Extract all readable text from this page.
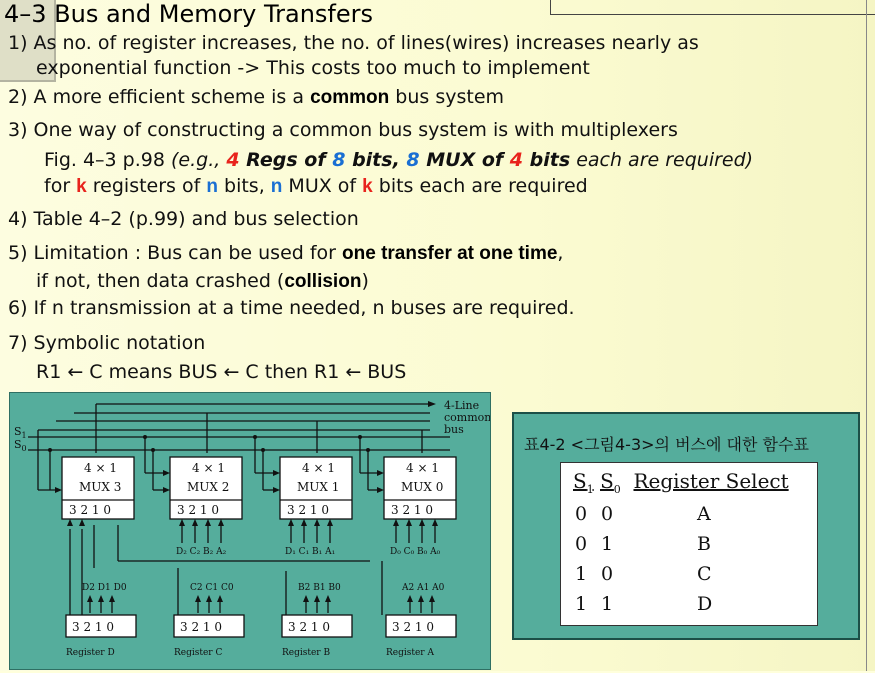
4–3 Bus and Memory Transfers
1) As no. of register increases, the no. of lines(wires) increases nearly as
exponential function -> This costs too much to implement
2) A more efficient scheme is a common bus system
3) One way of constructing a common bus system is with multiplexers
Fig. 4–3 p.98 (e.g., 4 Regs of 8 bits, 8 MUX of 4 bits each are required)
for k registers of n bits, n MUX of k bits each are required
4) Table 4–2 (p.99) and bus selection
5) Limitation : Bus can be used for one transfer at one time,
if not, then data crashed (collision)
6) If n transmission at a time needed, n buses are required.
7) Symbolic notation
R1 ← C means BUS ← C then R1 ← BUS
4-Line
common
bus
$S_1$
$S_0$
4 × 1
MUX 3
3 2 1 0
4 × 1
MUX 2
3 2 1 0
4 × 1
MUX 1
3 2 1 0
4 × 1
MUX 0
3 2 1 0
D₂ C₂ B₂ A₂	D₁ C₁ B₁ A₁	D₀ C₀ B₀ A₀
D2 D1 D0	C2 C1 C0	B2 B1 B0	A2 A1 A0
Register D	Register C	Register B	Register A
3 2 1 0	3 2 1 0	3 2 1 0	3 2 1 0
표4-2 <그림4-3>의 버스에 대한 함수표
$S_1$ $S_0$ Register Select
0 0	A
0 1	B
1 0	C
1 1	D
